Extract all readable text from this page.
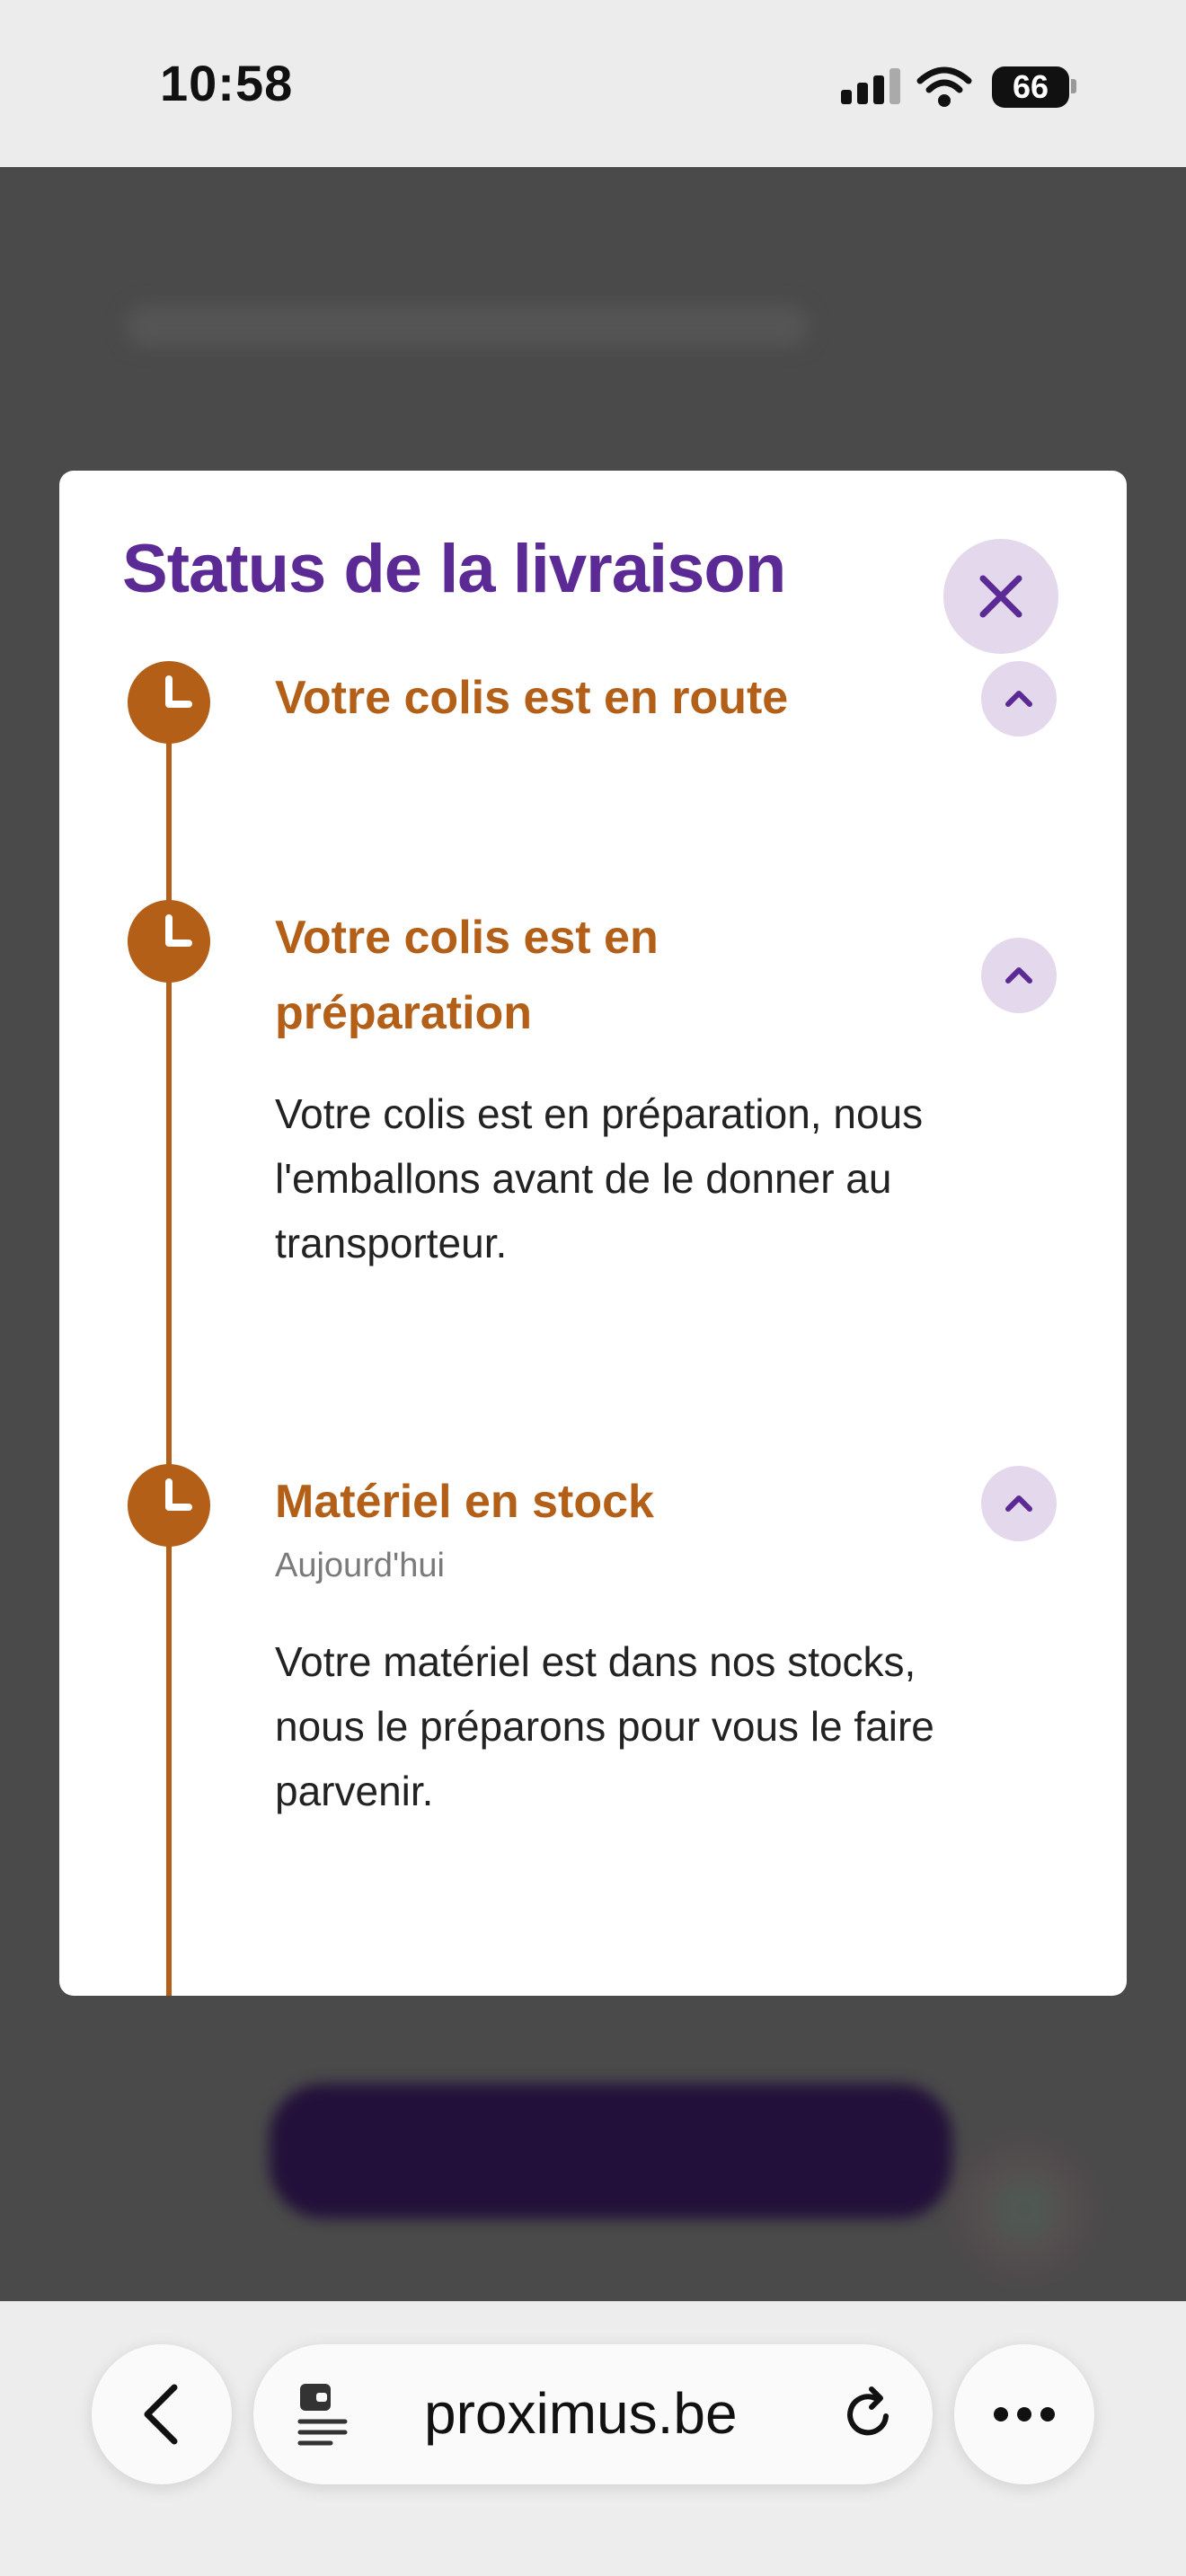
10:58	66
Status de la livraison
Votre colis est en route
Votre colis est en préparation
Votre colis est en préparation, nous l'emballons avant de le donner au transporteur.
Matériel en stock
Aujourd'hui
Votre matériel est dans nos stocks, nous le préparons pour vous le faire parvenir.
proximus.be
